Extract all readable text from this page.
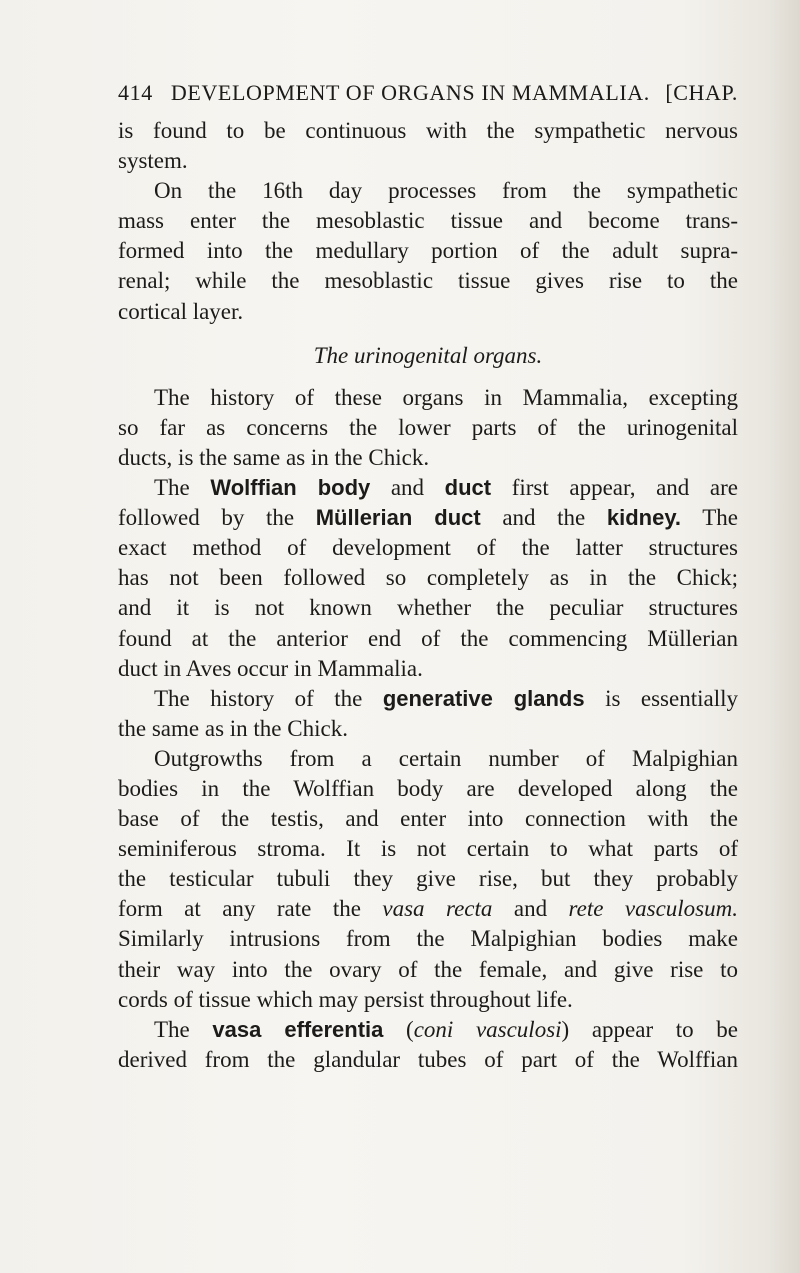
414 DEVELOPMENT OF ORGANS IN MAMMALIA. [CHAP.
is found to be continuous with the sympathetic nervous
system.
On the 16th day processes from the sympathetic
mass enter the mesoblastic tissue and become trans-
formed into the medullary portion of the adult supra-
renal; while the mesoblastic tissue gives rise to the
cortical layer.
The urinogenital organs.
The history of these organs in Mammalia, excepting
so far as concerns the lower parts of the urinogenital
ducts, is the same as in the Chick.
The Wolffian body and duct first appear, and are
followed by the Müllerian duct and the kidney. The
exact method of development of the latter structures
has not been followed so completely as in the Chick;
and it is not known whether the peculiar structures
found at the anterior end of the commencing Müllerian
duct in Aves occur in Mammalia.
The history of the generative glands is essentially
the same as in the Chick.
Outgrowths from a certain number of Malpighian
bodies in the Wolffian body are developed along the
base of the testis, and enter into connection with the
seminiferous stroma. It is not certain to what parts of
the testicular tubuli they give rise, but they probably
form at any rate the vasa recta and rete vasculosum.
Similarly intrusions from the Malpighian bodies make
their way into the ovary of the female, and give rise to
cords of tissue which may persist throughout life.
The vasa efferentia (coni vasculosi) appear to be
derived from the glandular tubes of part of the Wolffian
